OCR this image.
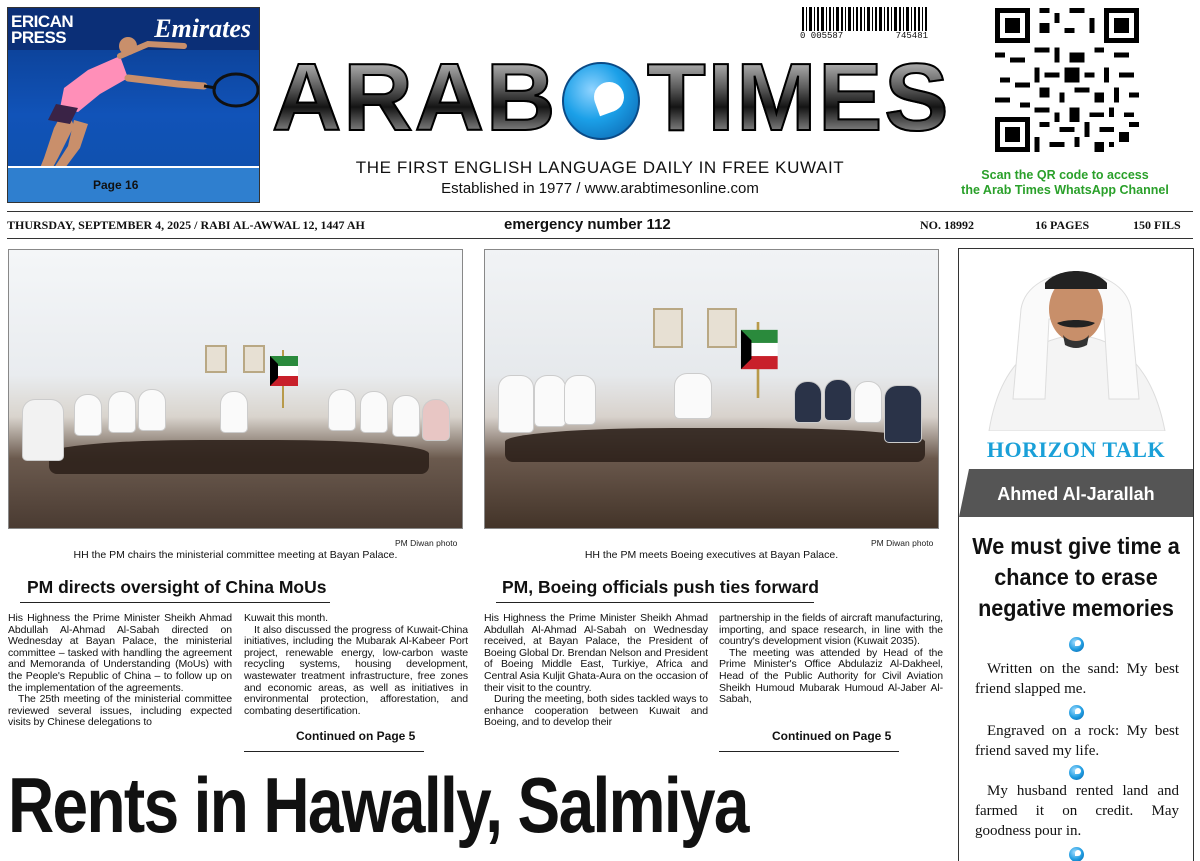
ERICAN
PRESS	Emirates
Page 16
0 005587	745481
ARAB TIMES
THE FIRST ENGLISH LANGUAGE DAILY IN FREE KUWAIT
Established in 1977 / www.arabtimesonline.com
Scan the QR code to access
the Arab Times WhatsApp Channel
THURSDAY, SEPTEMBER 4, 2025 / RABI AL-AWWAL 12, 1447 AH	emergency number 112	NO. 18992	16 PAGES	150 FILS
PM Diwan photo
HH the PM chairs the ministerial committee meeting at Bayan Palace.
PM directs oversight of China MoUs

His Highness the Prime Minister Sheikh Ahmad Abdullah Al-Ahmad Al-Sabah directed on Wednesday at Bayan Palace, the ministerial committee – tasked with handling the agreement and Memoranda of Understanding (MoUs) with the People's Republic of China – to follow up on the implementation of the agreements.

The 25th meeting of the ministerial committee reviewed several issues, including expected visits by Chinese delegations to

Kuwait this month.

It also discussed the progress of Kuwait-China initiatives, including the Mubarak Al-Kabeer Port project, renewable energy, low-carbon waste recycling systems, housing development, wastewater treatment infrastructure, free zones and economic areas, as well as initiatives in environmental protection, afforestation, and combating desertification.

Continued on Page 5
PM Diwan photo
HH the PM meets Boeing executives at Bayan Palace.
PM, Boeing officials push ties forward

His Highness the Prime Minister Sheikh Ahmad Abdullah Al-Ahmad Al-Sabah on Wednesday received, at Bayan Palace, the President of Boeing Global Dr. Brendan Nelson and President of Boeing Middle East, Turkiye, Africa and Central Asia Kuljit Ghata-Aura on the occasion of their visit to the country.

During the meeting, both sides tackled ways to enhance cooperation between Kuwait and Boeing, and to develop their

partnership in the fields of aircraft manufacturing, importing, and space research, in line with the country's development vision (Kuwait 2035).

The meeting was attended by Head of the Prime Minister's Office Abdulaziz Al-Dakheel, Head of the Public Authority for Civil Aviation Sheikh Humoud Mubarak Humoud Al-Jaber Al-Sabah,

Continued on Page 5
Rents in Hawally, Salmiya
HORIZON TALK
Ahmed Al-Jarallah
We must give time a chance to erase negative memories
Written on the sand: My best friend slapped me.
Engraved on a rock: My best friend saved my life.
My husband rented land and farmed it on credit. May goodness pour in.
